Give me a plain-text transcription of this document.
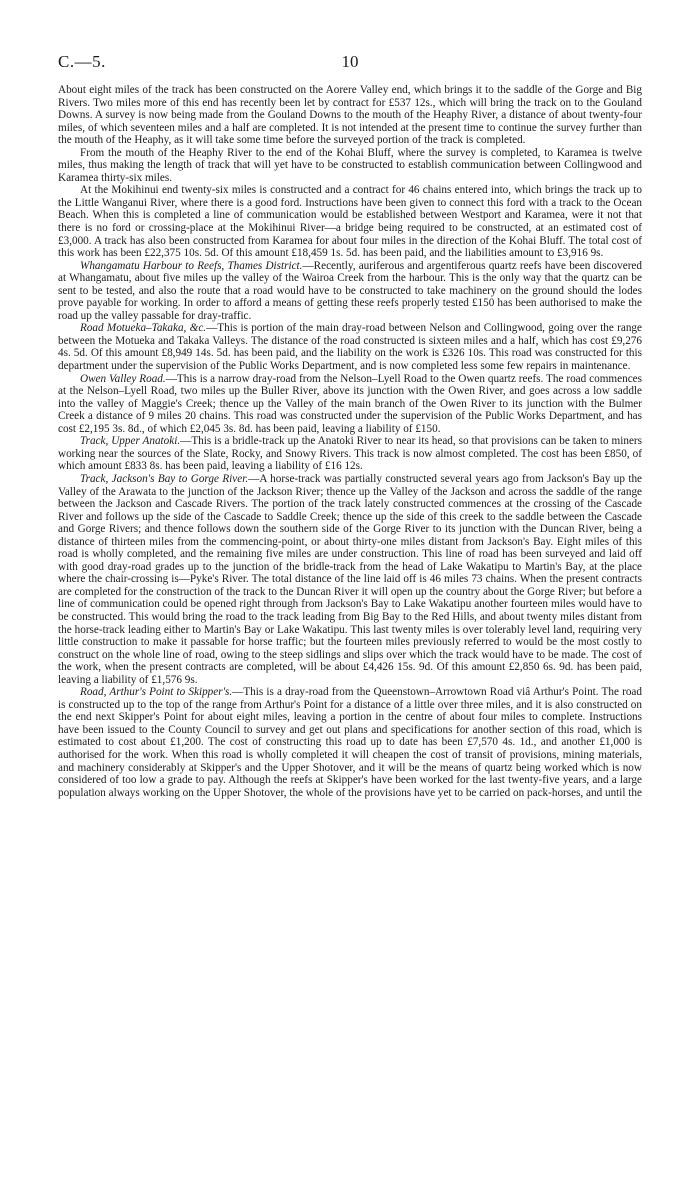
C.—5.	10

About eight miles of the track has been constructed on the Aorere Valley end, which brings it to the saddle of the Gorge and Big Rivers. Two miles more of this end has recently been let by contract for £537 12s., which will bring the track on to the Gouland Downs. A survey is now being made from the Gouland Downs to the mouth of the Heaphy River, a distance of about twenty-four miles, of which seventeen miles and a half are completed. It is not intended at the present time to continue the survey further than the mouth of the Heaphy, as it will take some time before the surveyed portion of the track is completed.

From the mouth of the Heaphy River to the end of the Kohai Bluff, where the survey is completed, to Karamea is twelve miles, thus making the length of track that will yet have to be constructed to establish communication between Collingwood and Karamea thirty-six miles.

At the Mokihinui end twenty-six miles is constructed and a contract for 46 chains entered into, which brings the track up to the Little Wanganui River, where there is a good ford. Instructions have been given to connect this ford with a track to the Ocean Beach. When this is completed a line of communication would be established between Westport and Karamea, were it not that there is no ford or crossing-place at the Mokihinui River—a bridge being required to be constructed, at an estimated cost of £3,000. A track has also been constructed from Karamea for about four miles in the direction of the Kohai Bluff. The total cost of this work has been £22,375 10s. 5d. Of this amount £18,459 1s. 5d. has been paid, and the liabilities amount to £3,916 9s.

Whangamatu Harbour to Reefs, Thames District.—Recently, auriferous and argentiferous quartz reefs have been discovered at Whangamatu, about five miles up the valley of the Wairoa Creek from the harbour. This is the only way that the quartz can be sent to be tested, and also the route that a road would have to be constructed to take machinery on the ground should the lodes prove payable for working. In order to afford a means of getting these reefs properly tested £150 has been authorised to make the road up the valley passable for dray-traffic.

Road Motueka–Takaka, &c.—This is portion of the main dray-road between Nelson and Collingwood, going over the range between the Motueka and Takaka Valleys. The distance of the road constructed is sixteen miles and a half, which has cost £9,276 4s. 5d. Of this amount £8,949 14s. 5d. has been paid, and the liability on the work is £326 10s. This road was constructed for this department under the supervision of the Public Works Department, and is now completed less some few repairs in maintenance.

Owen Valley Road.—This is a narrow dray-road from the Nelson–Lyell Road to the Owen quartz reefs. The road commences at the Nelson–Lyell Road, two miles up the Buller River, above its junction with the Owen River, and goes across a low saddle into the valley of Maggie's Creek; thence up the Valley of the main branch of the Owen River to its junction with the Bulmer Creek a distance of 9 miles 20 chains. This road was constructed under the supervision of the Public Works Department, and has cost £2,195 3s. 8d., of which £2,045 3s. 8d. has been paid, leaving a liability of £150.

Track, Upper Anatoki.—This is a bridle-track up the Anatoki River to near its head, so that provisions can be taken to miners working near the sources of the Slate, Rocky, and Snowy Rivers. This track is now almost completed. The cost has been £850, of which amount £833 8s. has been paid, leaving a liability of £16 12s.

Track, Jackson's Bay to Gorge River.—A horse-track was partially constructed several years ago from Jackson's Bay up the Valley of the Arawata to the junction of the Jackson River; thence up the Valley of the Jackson and across the saddle of the range between the Jackson and Cascade Rivers. The portion of the track lately constructed commences at the crossing of the Cascade River and follows up the side of the Cascade to Saddle Creek; thence up the side of this creek to the saddle between the Cascade and Gorge Rivers; and thence follows down the southern side of the Gorge River to its junction with the Duncan River, being a distance of thirteen miles from the commencing-point, or about thirty-one miles distant from Jackson's Bay. Eight miles of this road is wholly completed, and the remaining five miles are under construction. This line of road has been surveyed and laid off with good dray-road grades up to the junction of the bridle-track from the head of Lake Wakatipu to Martin's Bay, at the place where the chair-crossing is—Pyke's River. The total distance of the line laid off is 46 miles 73 chains. When the present contracts are completed for the construction of the track to the Duncan River it will open up the country about the Gorge River; but before a line of communication could be opened right through from Jackson's Bay to Lake Wakatipu another fourteen miles would have to be constructed. This would bring the road to the track leading from Big Bay to the Red Hills, and about twenty miles distant from the horse-track leading either to Martin's Bay or Lake Wakatipu. This last twenty miles is over tolerably level land, requiring very little construction to make it passable for horse traffic; but the fourteen miles previously referred to would be the most costly to construct on the whole line of road, owing to the steep sidlings and slips over which the track would have to be made. The cost of the work, when the present contracts are completed, will be about £4,426 15s. 9d. Of this amount £2,850 6s. 9d. has been paid, leaving a liability of £1,576 9s.

Road, Arthur's Point to Skipper's.—This is a dray-road from the Queenstown–Arrowtown Road viâ Arthur's Point. The road is constructed up to the top of the range from Arthur's Point for a distance of a little over three miles, and it is also constructed on the end next Skipper's Point for about eight miles, leaving a portion in the centre of about four miles to complete. Instructions have been issued to the County Council to survey and get out plans and specifications for another section of this road, which is estimated to cost about £1,200. The cost of constructing this road up to date has been £7,570 4s. 1d., and another £1,000 is authorised for the work. When this road is wholly completed it will cheapen the cost of transit of provisions, mining materials, and machinery considerably at Skipper's and the Upper Shotover, and it will be the means of quartz being worked which is now considered of too low a grade to pay. Although the reefs at Skipper's have been worked for the last twenty-five years, and a large population always working on the Upper Shotover, the whole of the provisions have yet to be carried on pack-horses, and until the
